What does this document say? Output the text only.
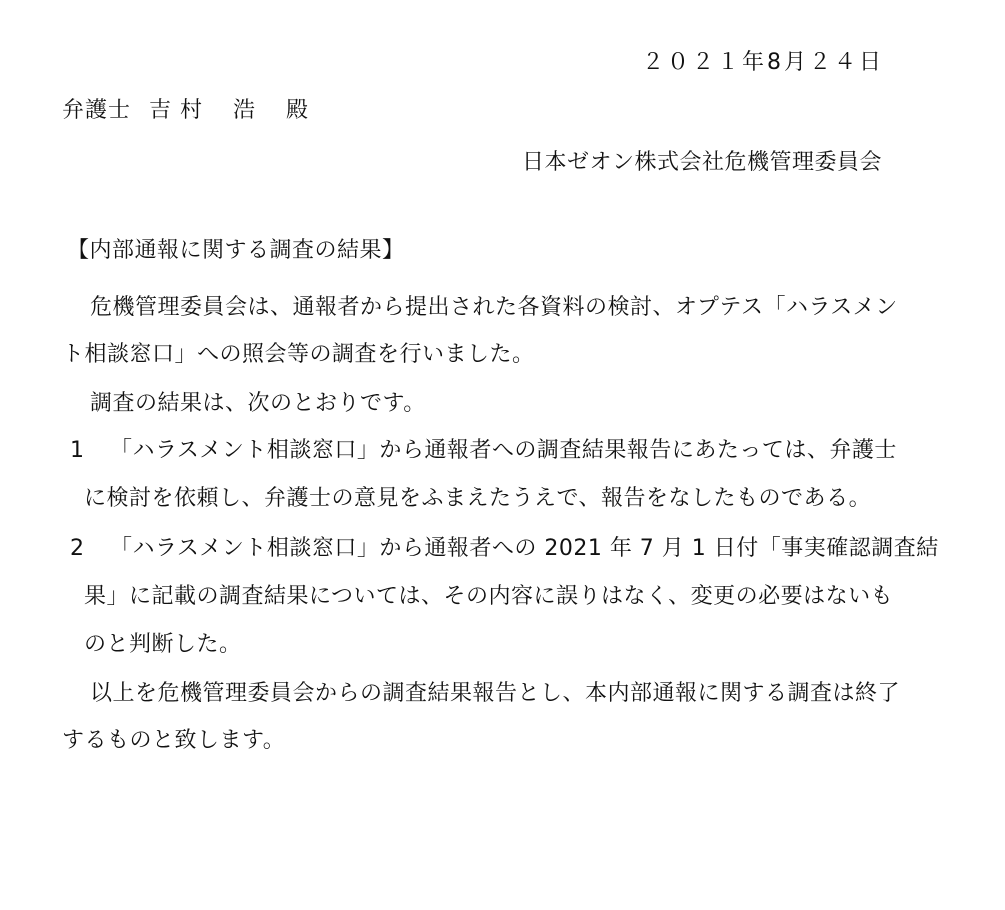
２０２１年8月２４日
弁護士 吉 村 浩 殿
日本ゼオン株式会社危機管理委員会
【内部通報に関する調査の結果】
危機管理委員会は、通報者から提出された各資料の検討、オプテス「ハラスメン
ト相談窓口」への照会等の調査を行いました。
調査の結果は、次のとおりです。
1 「ハラスメント相談窓口」から通報者への調査結果報告にあたっては、弁護士
に検討を依頼し、弁護士の意見をふまえたうえで、報告をなしたものである。
2 「ハラスメント相談窓口」から通報者への 2021 年 7 月 1 日付「事実確認調査結
果」に記載の調査結果については、その内容に誤りはなく、変更の必要はないも
のと判断した。
以上を危機管理委員会からの調査結果報告とし、本内部通報に関する調査は終了
するものと致します。
